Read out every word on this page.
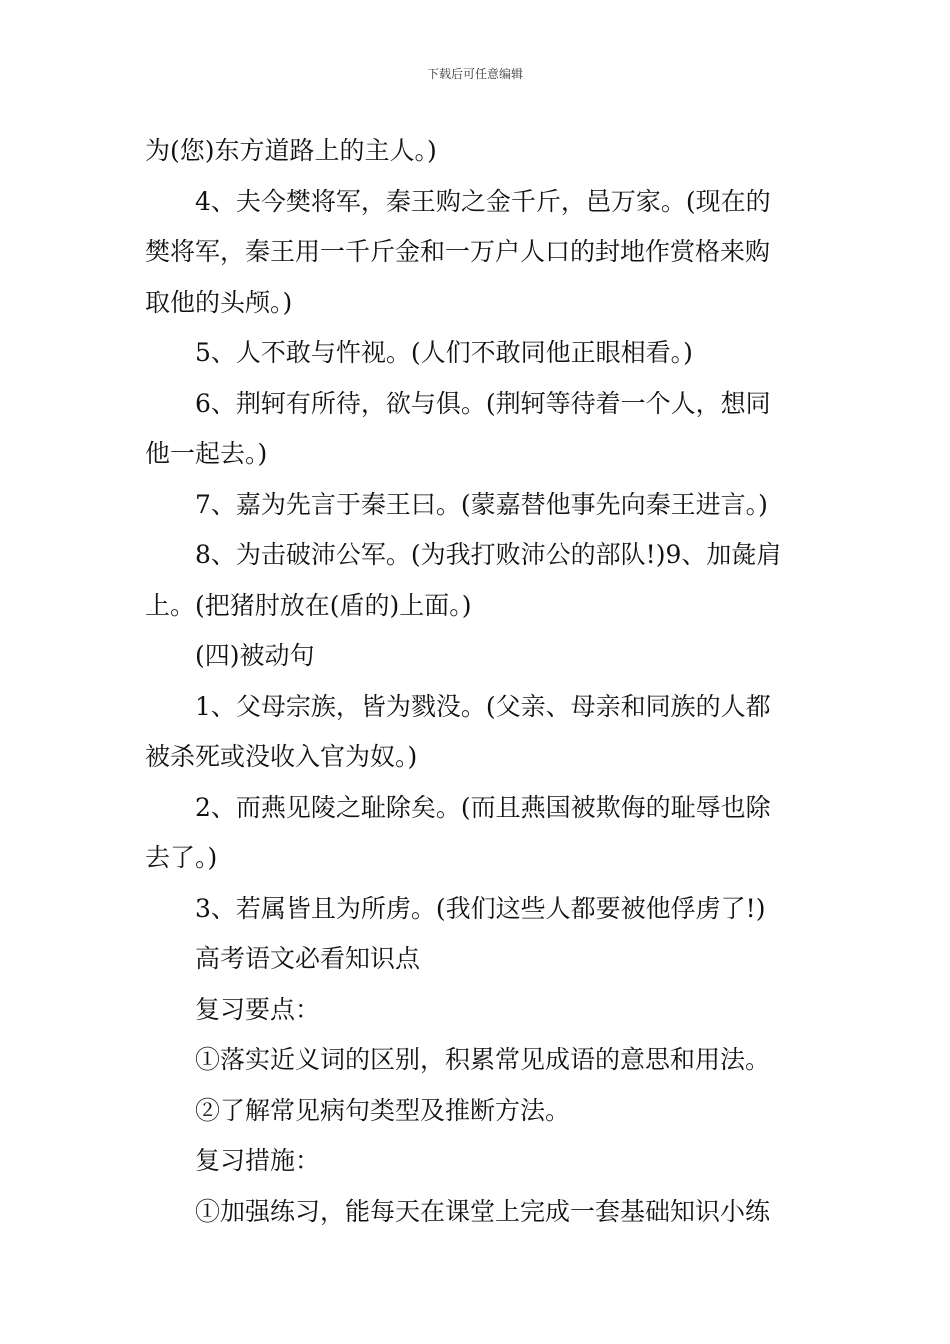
下载后可任意编辑
为(您)东方道路上的主人。)
4、夫今樊将军，秦王购之金千斤，邑万家。(现在的
樊将军，秦王用一千斤金和一万户人口的封地作赏格来购
取他的头颅。)
5、人不敢与忤视。(人们不敢同他正眼相看。)
6、荆轲有所待，欲与俱。(荆轲等待着一个人，想同
他一起去。)
7、嘉为先言于秦王曰。(蒙嘉替他事先向秦王进言。)
8、为击破沛公军。(为我打败沛公的部队!)9、加彘肩
上。(把猪肘放在(盾的)上面。)
(四)被动句
1、父母宗族，皆为戮没。(父亲、母亲和同族的人都
被杀死或没收入官为奴。)
2、而燕见陵之耻除矣。(而且燕国被欺侮的耻辱也除
去了。)
3、若属皆且为所虏。(我们这些人都要被他俘虏了!)
高考语文必看知识点
复习要点：
①落实近义词的区别，积累常见成语的意思和用法。
②了解常见病句类型及推断方法。
复习措施：
①加强练习，能每天在课堂上完成一套基础知识小练
